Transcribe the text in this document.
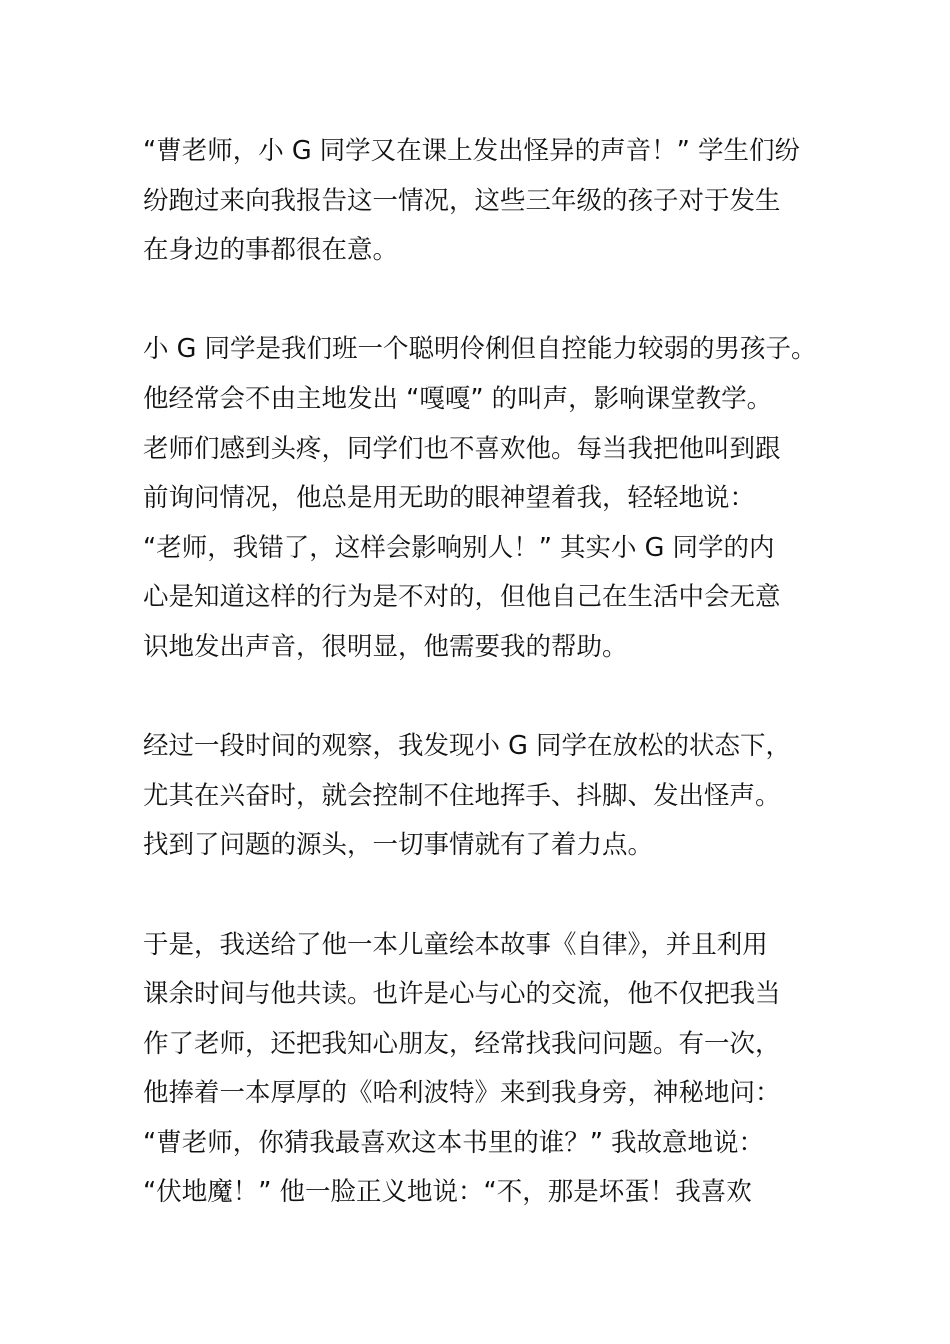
“曹老师，小 G 同学又在课上发出怪异的声音！” 学生们纷
纷跑过来向我报告这一情况，这些三年级的孩子对于发生
在身边的事都很在意。

小 G 同学是我们班一个聪明伶俐但自控能力较弱的男孩子。
他经常会不由主地发出 “嘎嘎” 的叫声，影响课堂教学。
老师们感到头疼，同学们也不喜欢他。每当我把他叫到跟
前询问情况，他总是用无助的眼神望着我，轻轻地说：
“老师，我错了，这样会影响别人！” 其实小 G 同学的内
心是知道这样的行为是不对的，但他自己在生活中会无意
识地发出声音，很明显，他需要我的帮助。

经过一段时间的观察，我发现小 G 同学在放松的状态下，
尤其在兴奋时，就会控制不住地挥手、抖脚、发出怪声。
找到了问题的源头，一切事情就有了着力点。

于是，我送给了他一本儿童绘本故事《自律》，并且利用
课余时间与他共读。也许是心与心的交流，他不仅把我当
作了老师，还把我知心朋友，经常找我问问题。有一次，
他捧着一本厚厚的《哈利波特》来到我身旁，神秘地问：
“曹老师，你猜我最喜欢这本书里的谁？” 我故意地说：
“伏地魔！” 他一脸正义地说：“不，那是坏蛋！我喜欢
